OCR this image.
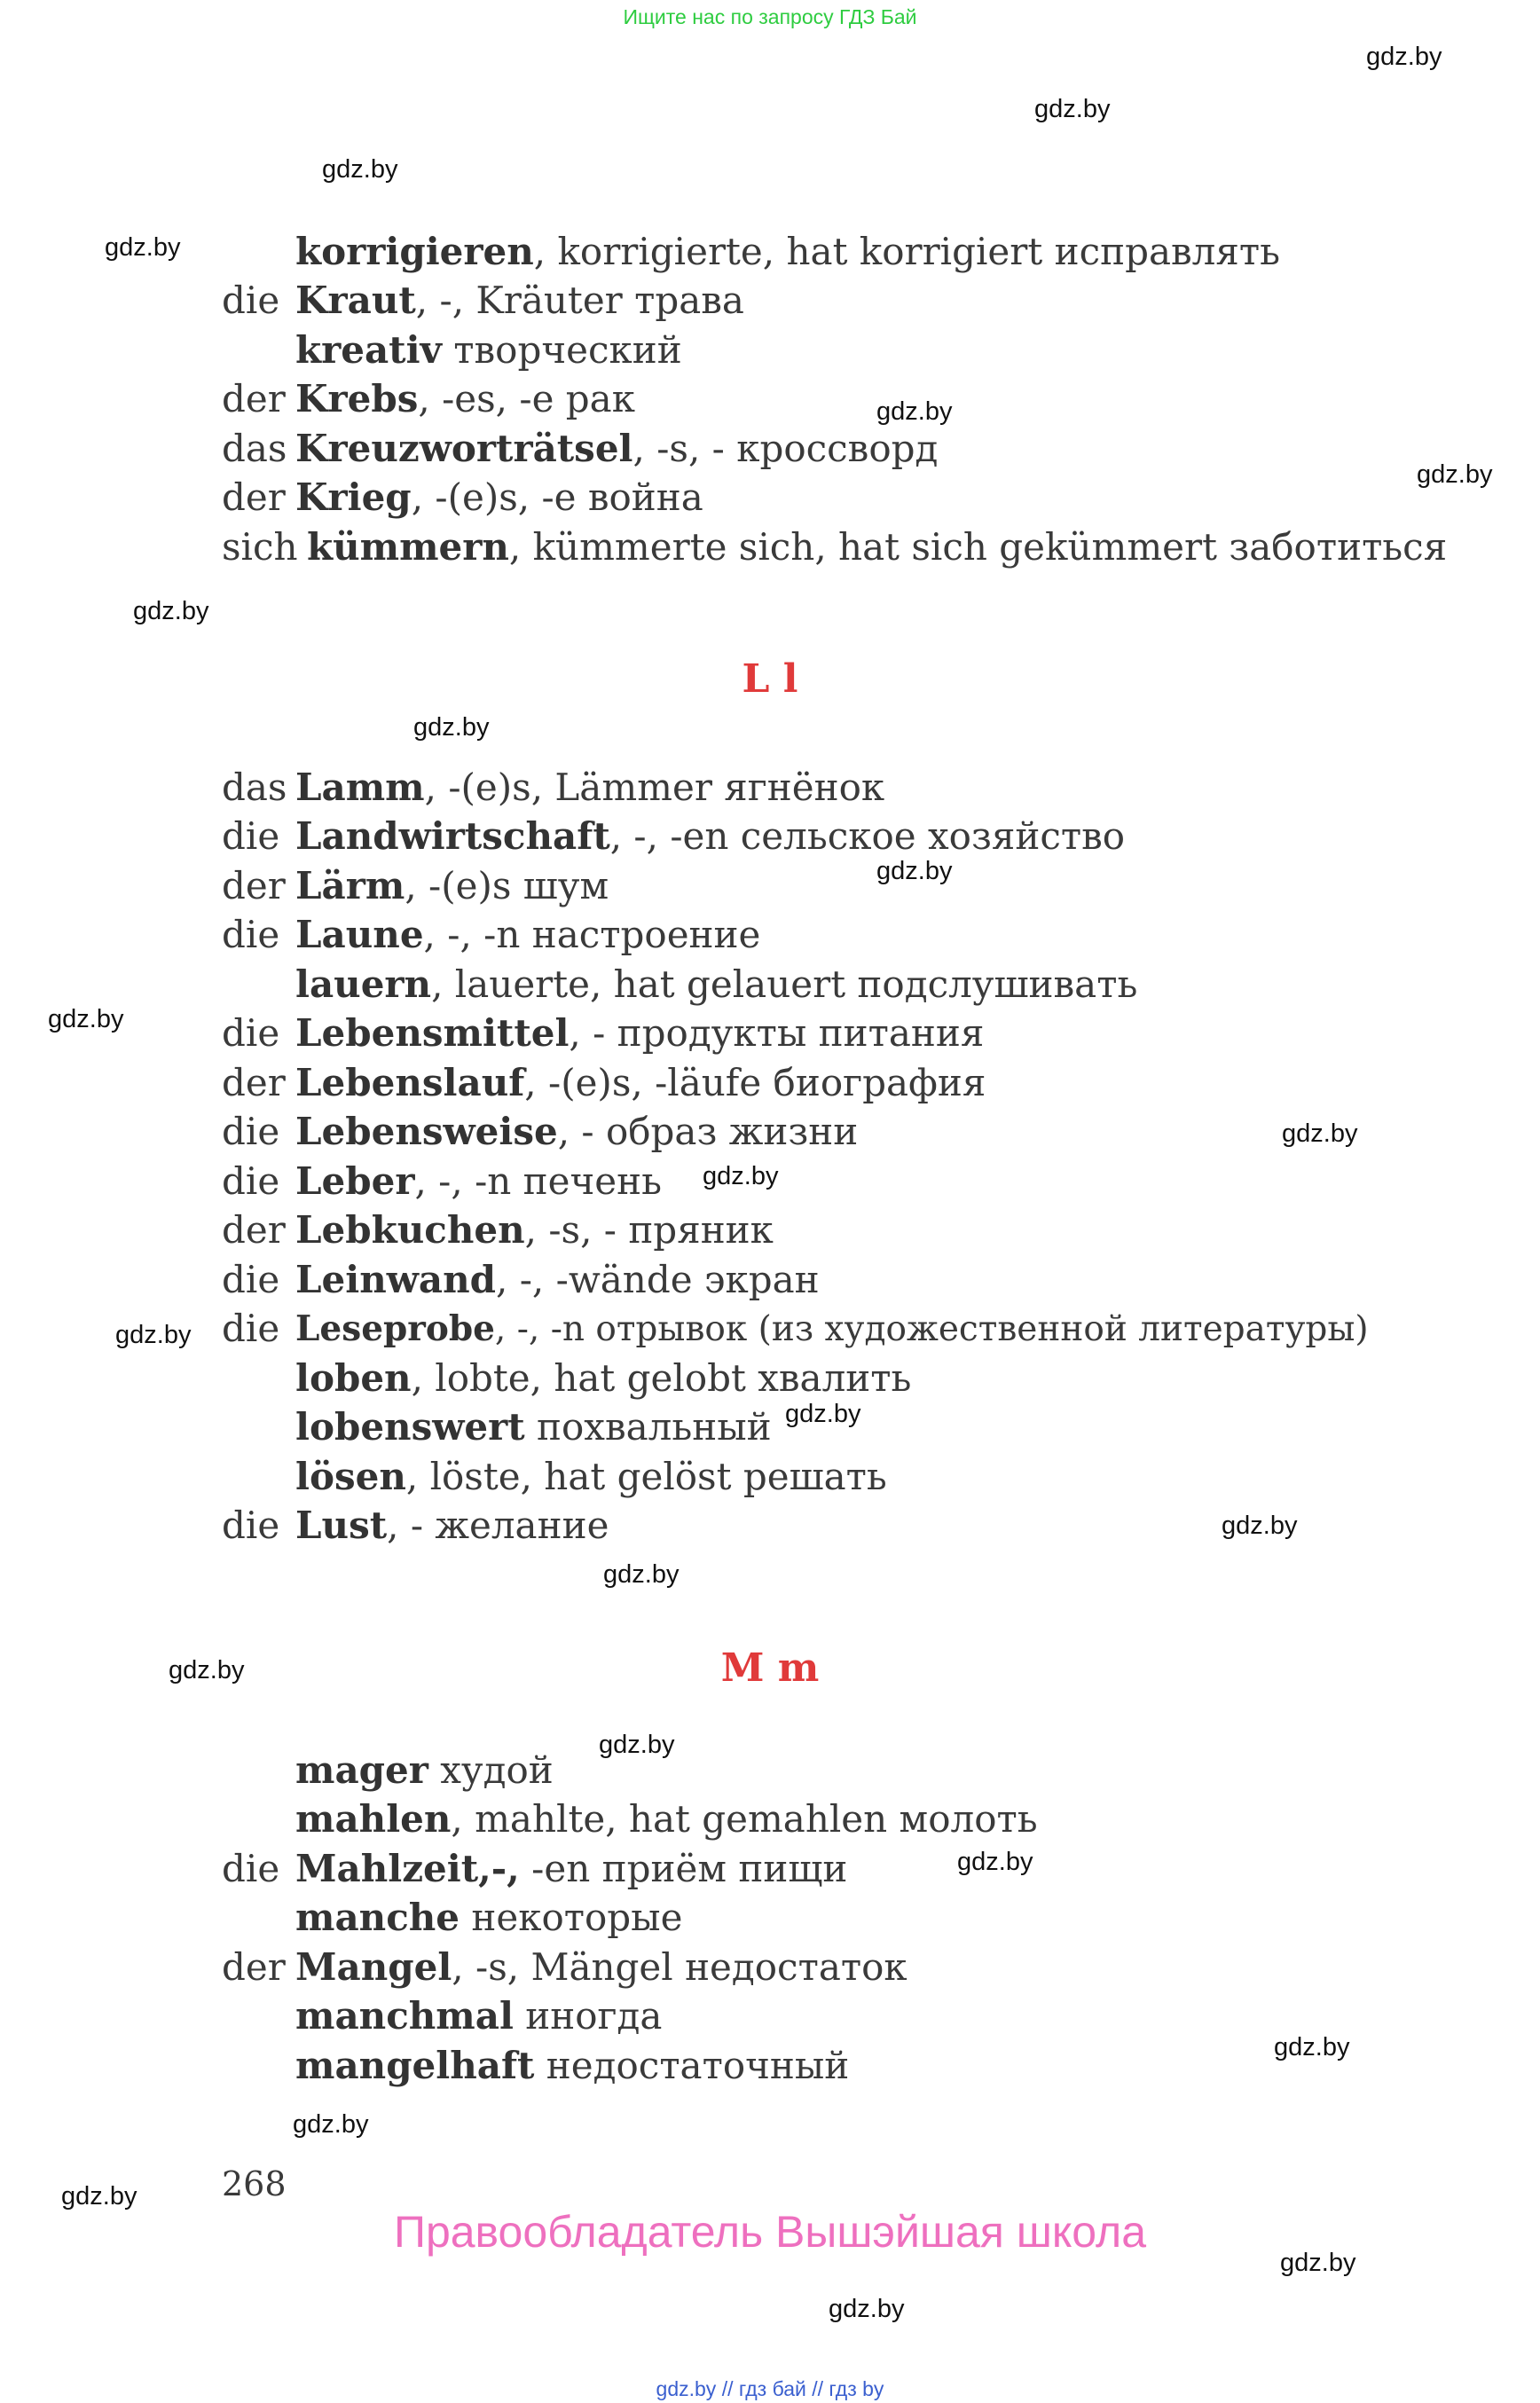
Ищите нас по запросу ГДЗ Бай
gdz.by
gdz.by
gdz.by
gdz.by
gdz.by
gdz.by
gdz.by
gdz.by
gdz.by
gdz.by
gdz.by
gdz.by
gdz.by
gdz.by
gdz.by
gdz.by
gdz.by
gdz.by
gdz.by
gdz.by
gdz.by
gdz.by
gdz.by
gdz.by
korrigieren, korrigierte, hat korrigiert исправлять
die Kraut, -, Kräuter трава
kreativ творческий
der Krebs, -es, -e рак
das Kreuzworträtsel, -s, - кроссворд
der Krieg, -(e)s, -e война
sich kümmern, kümmerte sich, hat sich gekümmert заботиться
L l
das Lamm, -(e)s, Lämmer ягнёнок
die Landwirtschaft, -, -en сельское хозяйство
der Lärm, -(e)s шум
die Laune, -, -n настроение
lauern, lauerte, hat gelauert подслушивать
die Lebensmittel, - продукты питания
der Lebenslauf, -(e)s, -läufe биография
die Lebensweise, - образ жизни
die Leber, -, -n печень
der Lebkuchen, -s, - пряник
die Leinwand, -, -wände экран
die Leseprobe, -, -n отрывок (из художественной литературы)
loben, lobte, hat gelobt хвалить
lobenswert похвальный
lösen, löste, hat gelöst решать
die Lust, - желание
M m
mager худой
mahlen, mahlte, hat gemahlen молоть
die Mahlzeit,-, -en приём пищи
manche некоторые
der Mangel, -s, Mängel недостаток
manchmal иногда
mangelhaft недостаточный
268
Правообладатель Вышэйшая школа
gdz.by // гдз бай // гдз by
